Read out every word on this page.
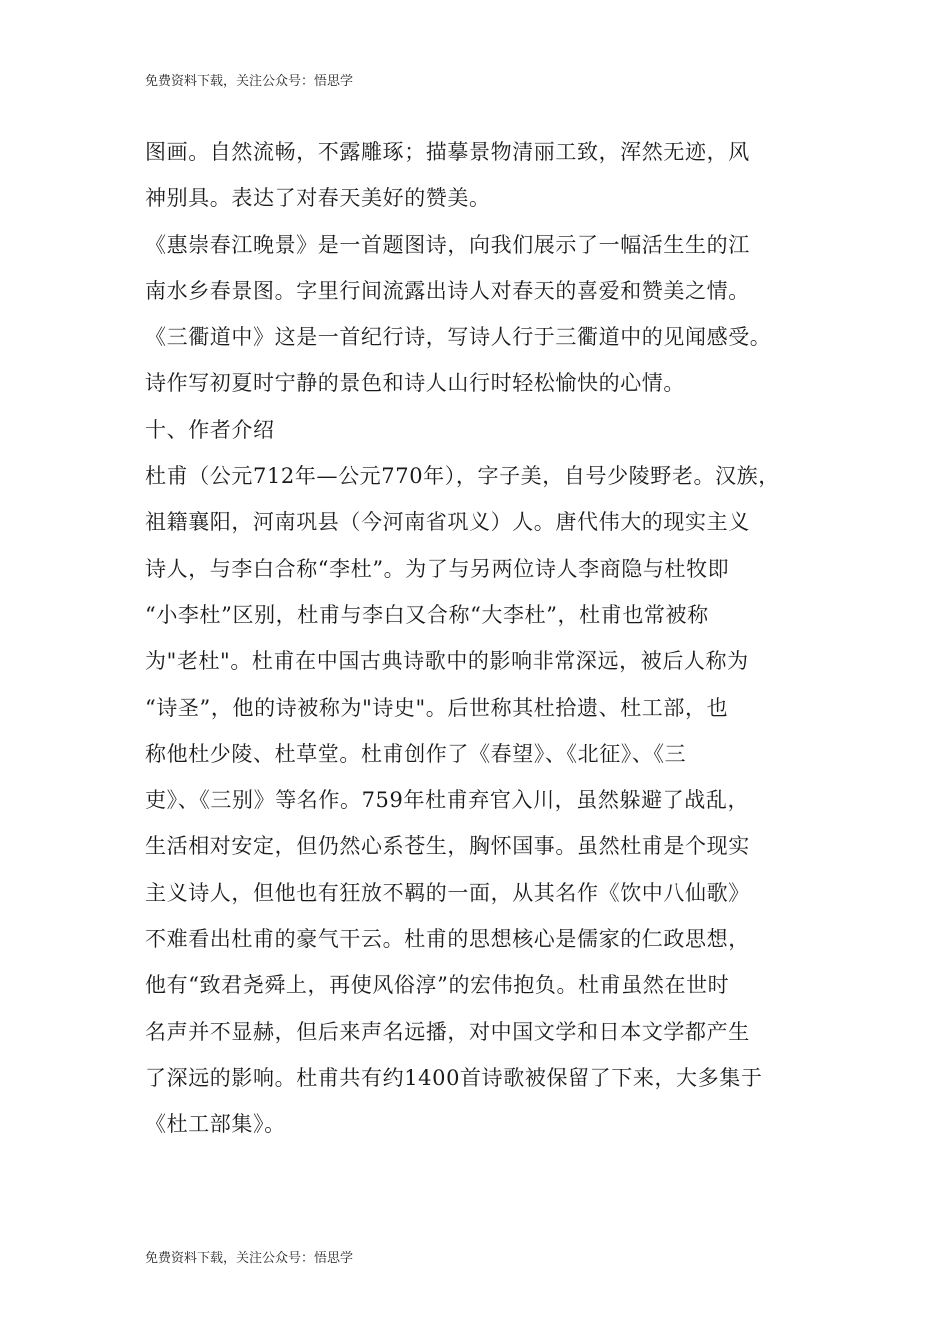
免费资料下载，关注公众号：悟思学
图画。自然流畅，不露雕琢；描摹景物清丽工致，浑然无迹，风
神别具。表达了对春天美好的赞美。
《惠崇春江晚景》是一首题图诗，向我们展示了一幅活生生的江
南水乡春景图。字里行间流露出诗人对春天的喜爱和赞美之情。
《三衢道中》这是一首纪行诗，写诗人行于三衢道中的见闻感受。
诗作写初夏时宁静的景色和诗人山行时轻松愉快的心情。
十、作者介绍
杜甫（公元712年—公元770年），字子美，自号少陵野老。汉族，
祖籍襄阳，河南巩县（今河南省巩义）人。唐代伟大的现实主义
诗人，与李白合称“李杜”。为了与另两位诗人李商隐与杜牧即
“小李杜”区别，杜甫与李白又合称“大李杜”，杜甫也常被称
为"老杜"。杜甫在中国古典诗歌中的影响非常深远，被后人称为
“诗圣”，他的诗被称为"诗史"。后世称其杜拾遗、杜工部，也
称他杜少陵、杜草堂。杜甫创作了《春望》、《北征》、《三
吏》、《三别》等名作。759年杜甫弃官入川，虽然躲避了战乱，
生活相对安定，但仍然心系苍生，胸怀国事。虽然杜甫是个现实
主义诗人，但他也有狂放不羁的一面，从其名作《饮中八仙歌》
不难看出杜甫的豪气干云。杜甫的思想核心是儒家的仁政思想，
他有“致君尧舜上，再使风俗淳”的宏伟抱负。杜甫虽然在世时
名声并不显赫，但后来声名远播，对中国文学和日本文学都产生
了深远的影响。杜甫共有约1400首诗歌被保留了下来，大多集于
《杜工部集》。
免费资料下载，关注公众号：悟思学
